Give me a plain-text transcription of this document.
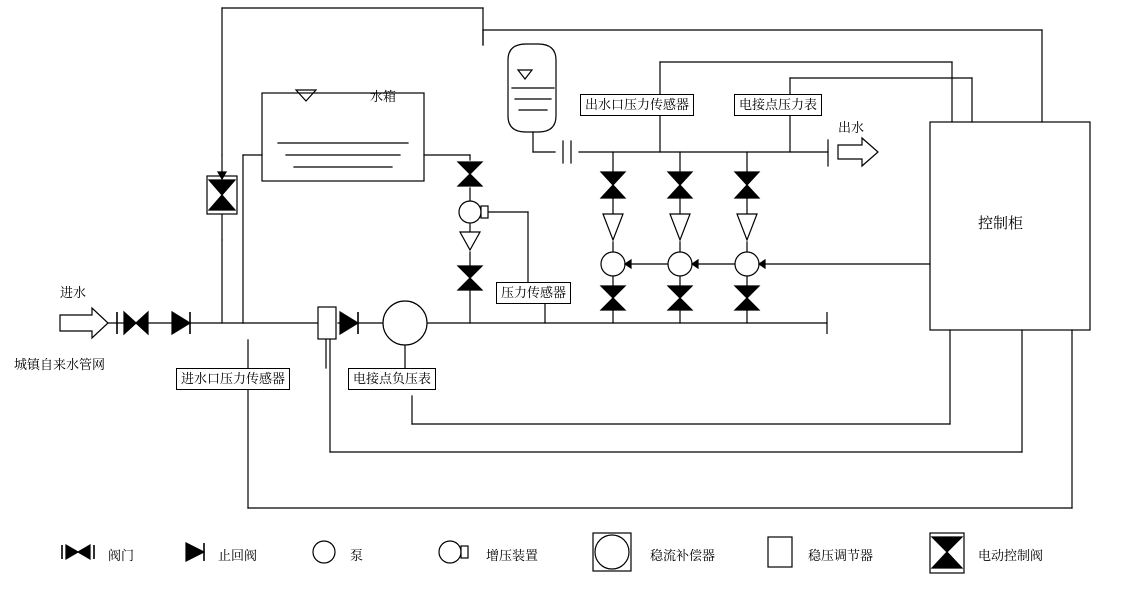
进水
城镇自来水管网
出水
水箱
控制柜
进水口压力传感器	电接点负压表
压力传感器
出水口压力传感器	电接点压力表
阀门	止回阀	泵	增压装置	稳流补偿器	稳压调节器	电动控制阀
